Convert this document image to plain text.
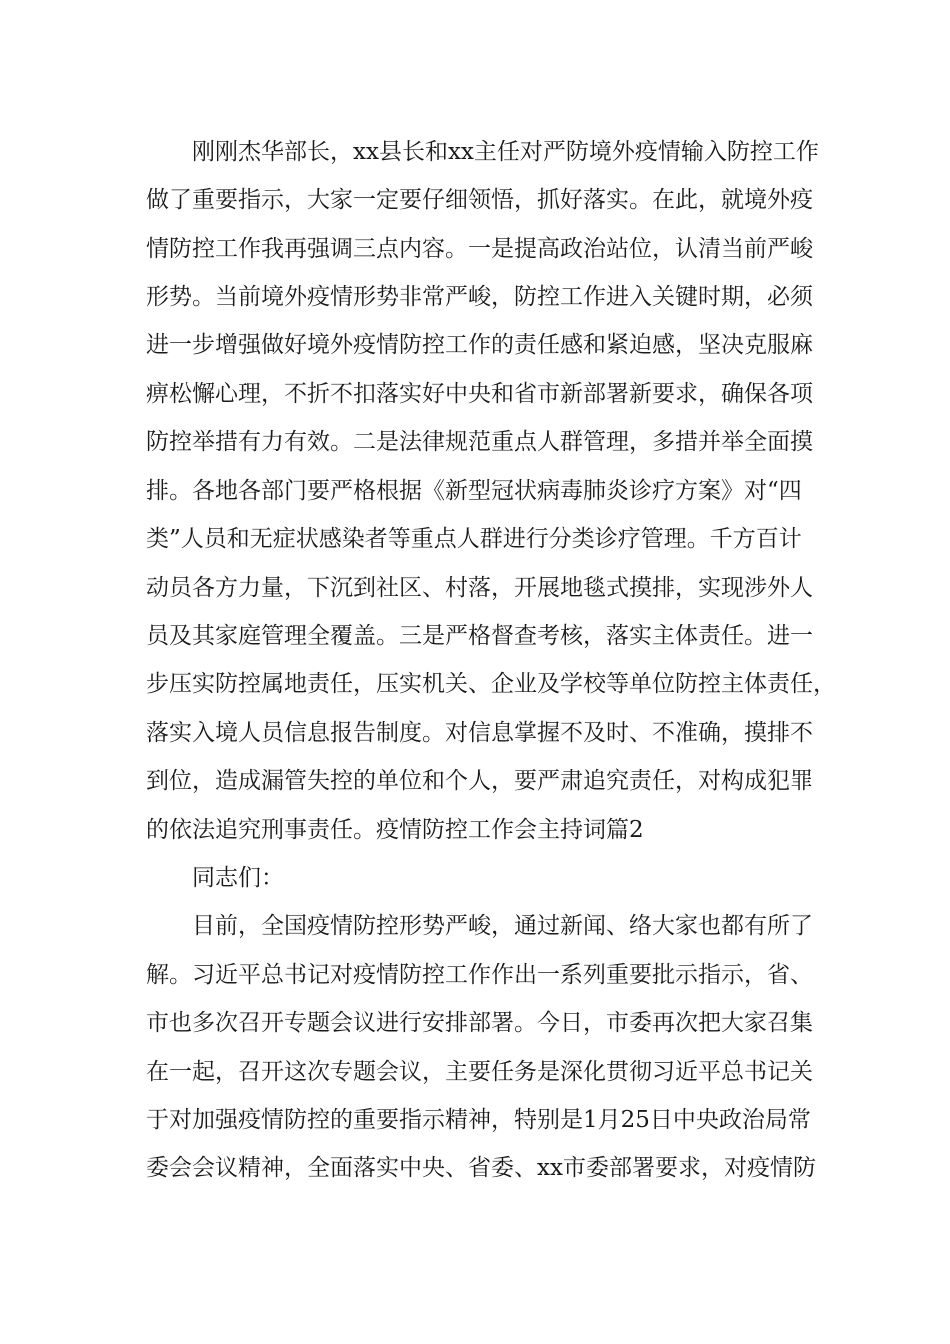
刚刚杰华部长，xx县长和xx主任对严防境外疫情输入防控工作
做了重要指示，大家一定要仔细领悟，抓好落实。在此，就境外疫
情防控工作我再强调三点内容。一是提高政治站位，认清当前严峻
形势。当前境外疫情形势非常严峻，防控工作进入关键时期，必须
进一步增强做好境外疫情防控工作的责任感和紧迫感，坚决克服麻
痹松懈心理，不折不扣落实好中央和省市新部署新要求，确保各项
防控举措有力有效。二是法律规范重点人群管理，多措并举全面摸
排。各地各部门要严格根据《新型冠状病毒肺炎诊疗方案》对“四
类”人员和无症状感染者等重点人群进行分类诊疗管理。千方百计
动员各方力量，下沉到社区、村落，开展地毯式摸排，实现涉外人
员及其家庭管理全覆盖。三是严格督查考核，落实主体责任。进一
步压实防控属地责任，压实机关、企业及学校等单位防控主体责任，
落实入境人员信息报告制度。对信息掌握不及时、不准确，摸排不
到位，造成漏管失控的单位和个人，要严肃追究责任，对构成犯罪
的依法追究刑事责任。疫情防控工作会主持词篇2
同志们：
目前，全国疫情防控形势严峻，通过新闻、络大家也都有所了
解。习近平总书记对疫情防控工作作出一系列重要批示指示，省、
市也多次召开专题会议进行安排部署。今日，市委再次把大家召集
在一起，召开这次专题会议，主要任务是深化贯彻习近平总书记关
于对加强疫情防控的重要指示精神，特别是1月25日中央政治局常
委会会议精神，全面落实中央、省委、xx市委部署要求，对疫情防
